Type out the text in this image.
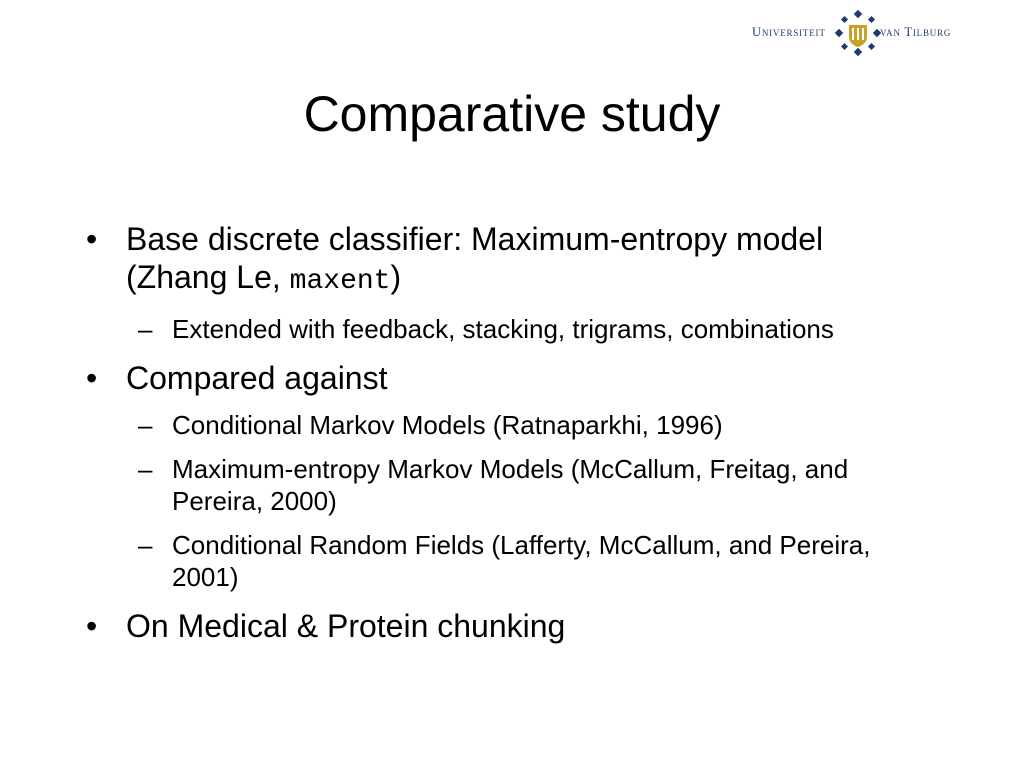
Universiteit	van Tilburg
Comparative study
• Base discrete classifier: Maximum-entropy model (Zhang Le, maxent)
– Extended with feedback, stacking, trigrams, combinations
• Compared against
– Conditional Markov Models (Ratnaparkhi, 1996)
– Maximum-entropy Markov Models (McCallum, Freitag, and Pereira, 2000)
– Conditional Random Fields (Lafferty, McCallum, and Pereira, 2001)
• On Medical & Protein chunking
